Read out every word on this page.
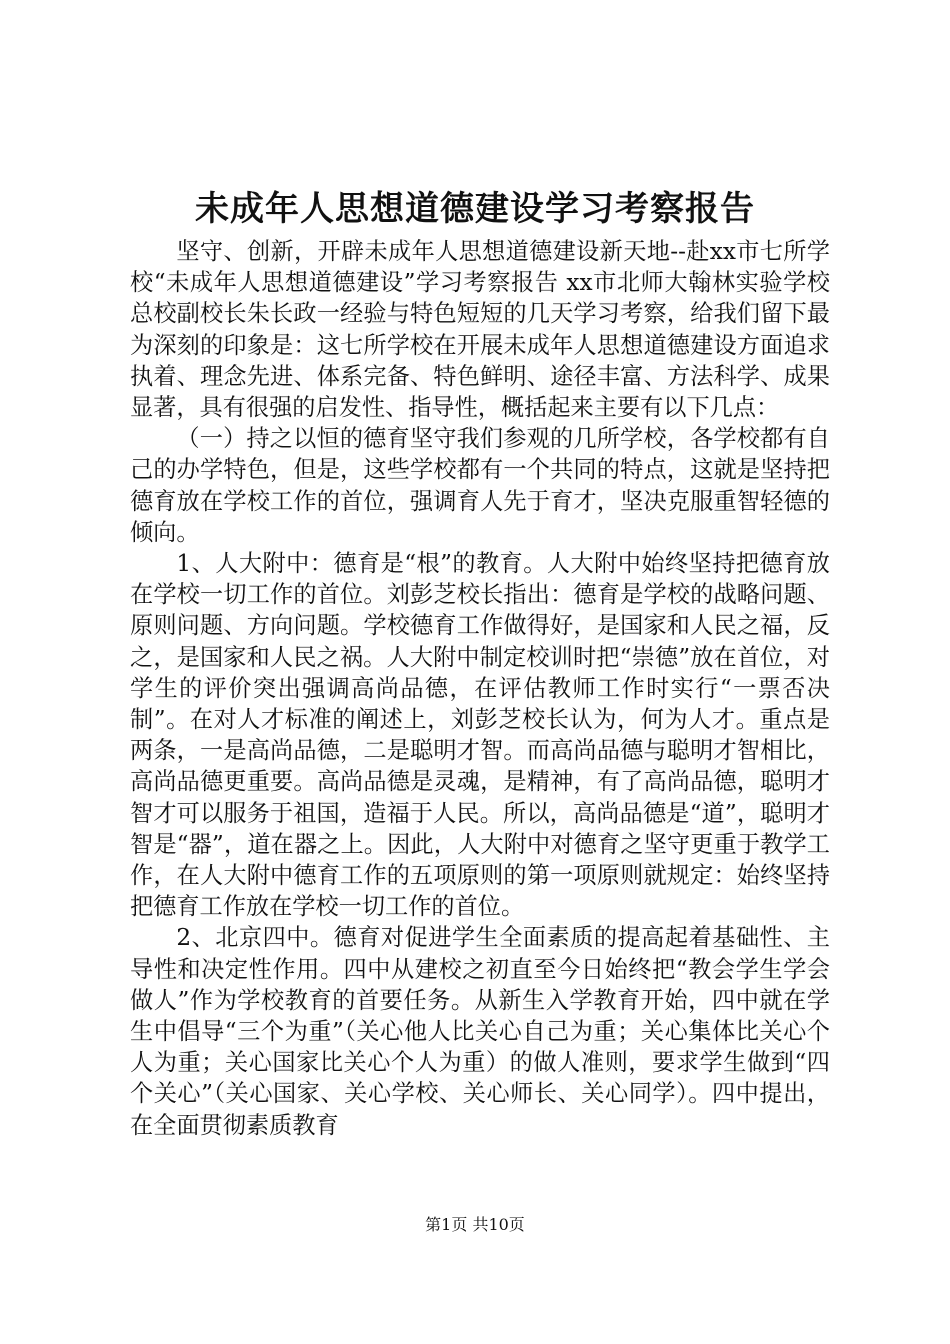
未成年人思想道德建设学习考察报告

坚守、创新，开辟未成年人思想道德建设新天地--赴xx市七所学校“未成年人思想道德建设”学习考察报告 xx市北师大翰林实验学校总校副校长朱长政一经验与特色短短的几天学习考察，给我们留下最为深刻的印象是：这七所学校在开展未成年人思想道德建设方面追求执着、理念先进、体系完备、特色鲜明、途径丰富、方法科学、成果显著，具有很强的启发性、指导性，概括起来主要有以下几点：

（一）持之以恒的德育坚守我们参观的几所学校，各学校都有自己的办学特色，但是，这些学校都有一个共同的特点，这就是坚持把德育放在学校工作的首位，强调育人先于育才，坚决克服重智轻德的倾向。

1、人大附中：德育是“根”的教育。人大附中始终坚持把德育放在学校一切工作的首位。刘彭芝校长指出：德育是学校的战略问题、原则问题、方向问题。学校德育工作做得好，是国家和人民之福，反之，是国家和人民之祸。人大附中制定校训时把“崇德”放在首位，对学生的评价突出强调高尚品德，在评估教师工作时实行“一票否决制”。在对人才标准的阐述上，刘彭芝校长认为，何为人才。重点是两条，一是高尚品德，二是聪明才智。而高尚品德与聪明才智相比，高尚品德更重要。高尚品德是灵魂，是精神，有了高尚品德，聪明才智才可以服务于祖国，造福于人民。所以，高尚品德是“道”，聪明才智是“器”，道在器之上。因此，人大附中对德育之坚守更重于教学工作，在人大附中德育工作的五项原则的第一项原则就规定：始终坚持把德育工作放在学校一切工作的首位。

2、北京四中。德育对促进学生全面素质的提高起着基础性、主导性和决定性作用。四中从建校之初直至今日始终把“教会学生学会做人”作为学校教育的首要任务。从新生入学教育开始，四中就在学生中倡导“三个为重”（关心他人比关心自己为重；关心集体比关心个人为重；关心国家比关心个人为重）的做人准则，要求学生做到“四个关心”（关心国家、关心学校、关心师长、关心同学）。四中提出，在全面贯彻素质教育

第1页 共10页
